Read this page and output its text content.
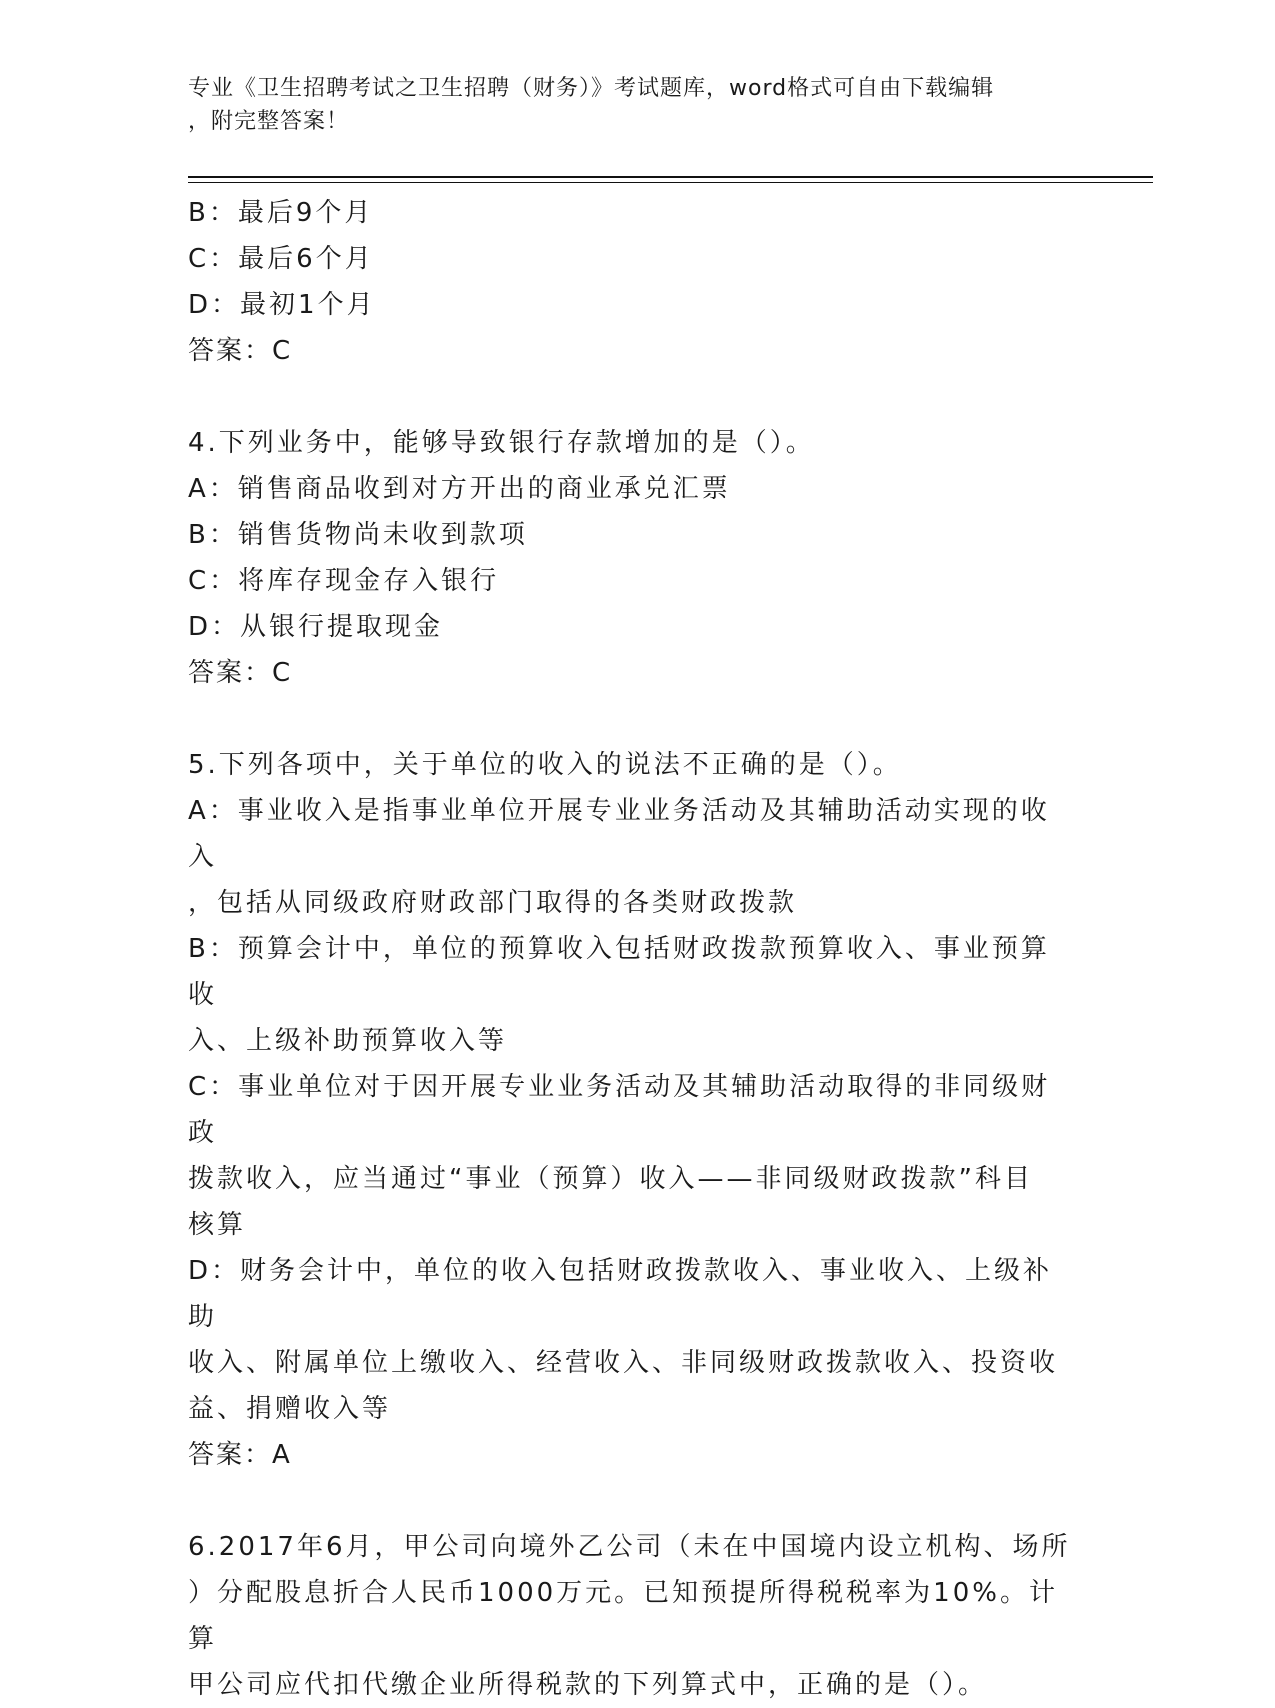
专业《卫生招聘考试之卫生招聘（财务）》考试题库，word格式可自由下载编辑
，附完整答案！
B：最后9个月
C：最后6个月
D：最初1个月
答案：C
4.下列业务中，能够导致银行存款增加的是（）。
A：销售商品收到对方开出的商业承兑汇票
B：销售货物尚未收到款项
C：将库存现金存入银行
D：从银行提取现金
答案：C
5.下列各项中，关于单位的收入的说法不正确的是（）。
A：事业收入是指事业单位开展专业业务活动及其辅助活动实现的收入
，包括从同级政府财政部门取得的各类财政拨款
B：预算会计中，单位的预算收入包括财政拨款预算收入、事业预算收
入、上级补助预算收入等
C：事业单位对于因开展专业业务活动及其辅助活动取得的非同级财政
拨款收入，应当通过“事业（预算）收入——非同级财政拨款”科目
核算
D：财务会计中，单位的收入包括财政拨款收入、事业收入、上级补助
收入、附属单位上缴收入、经营收入、非同级财政拨款收入、投资收
益、捐赠收入等
答案：A
6.2017年6月，甲公司向境外乙公司（未在中国境内设立机构、场所
）分配股息折合人民币1000万元。已知预提所得税税率为10%。计算
甲公司应代扣代缴企业所得税款的下列算式中，正确的是（）。
